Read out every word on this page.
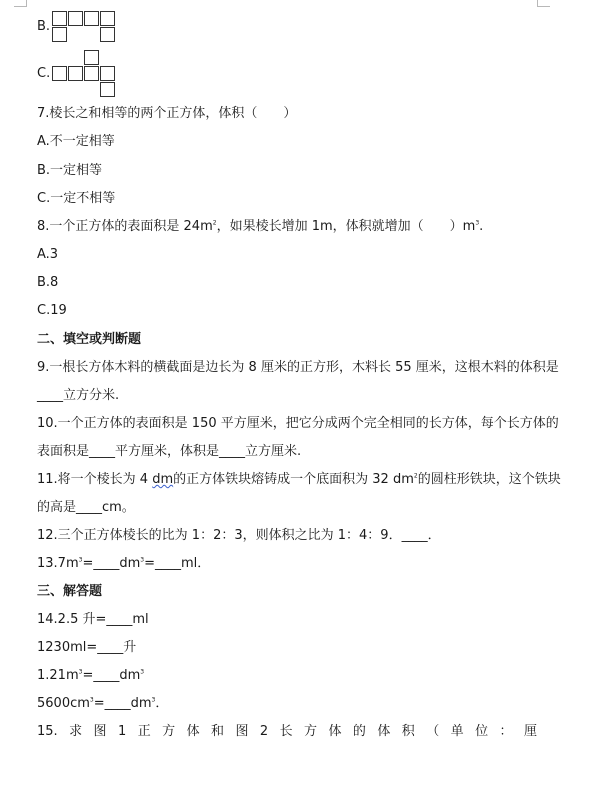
B.
C.
7.棱长之和相等的两个正方体，体积（　　）
A.不一定相等
B.一定相等
C.一定不相等
8.一个正方体的表面积是 $24m^2$，如果棱长增加 1m，体积就增加（　　）$m^3$.
A.3
B.8
C.19
二、填空或判断题
9.一根长方体木料的横截面是边长为 8 厘米的正方形，木料长 55 厘米，这根木料的体积是
____立方分米.
10.一个正方体的表面积是 150 平方厘米，把它分成两个完全相同的长方体，每个长方体的
表面积是____平方厘米，体积是____立方厘米.
11.将一个棱长为 4 dm的正方体铁块熔铸成一个底面积为 32 $dm^2$的圆柱形铁块，这个铁块
的高是____cm。
12.三个正方体棱长的比为 1：2：3，则体积之比为 1：4：9．____．
$13.7m^3=\_\_\_\_dm^3=\_\_\_\_ml$．
三、解答题
14.2.5 升=____ml
1230ml=____升
$1.21m^3=\_\_\_\_dm^3$
$5600cm^3=\_\_\_\_dm^3$．
15. 求 图 1 正 方 体 和 图 2 长 方 体 的 体 积 （ 单 位 ： 厘
